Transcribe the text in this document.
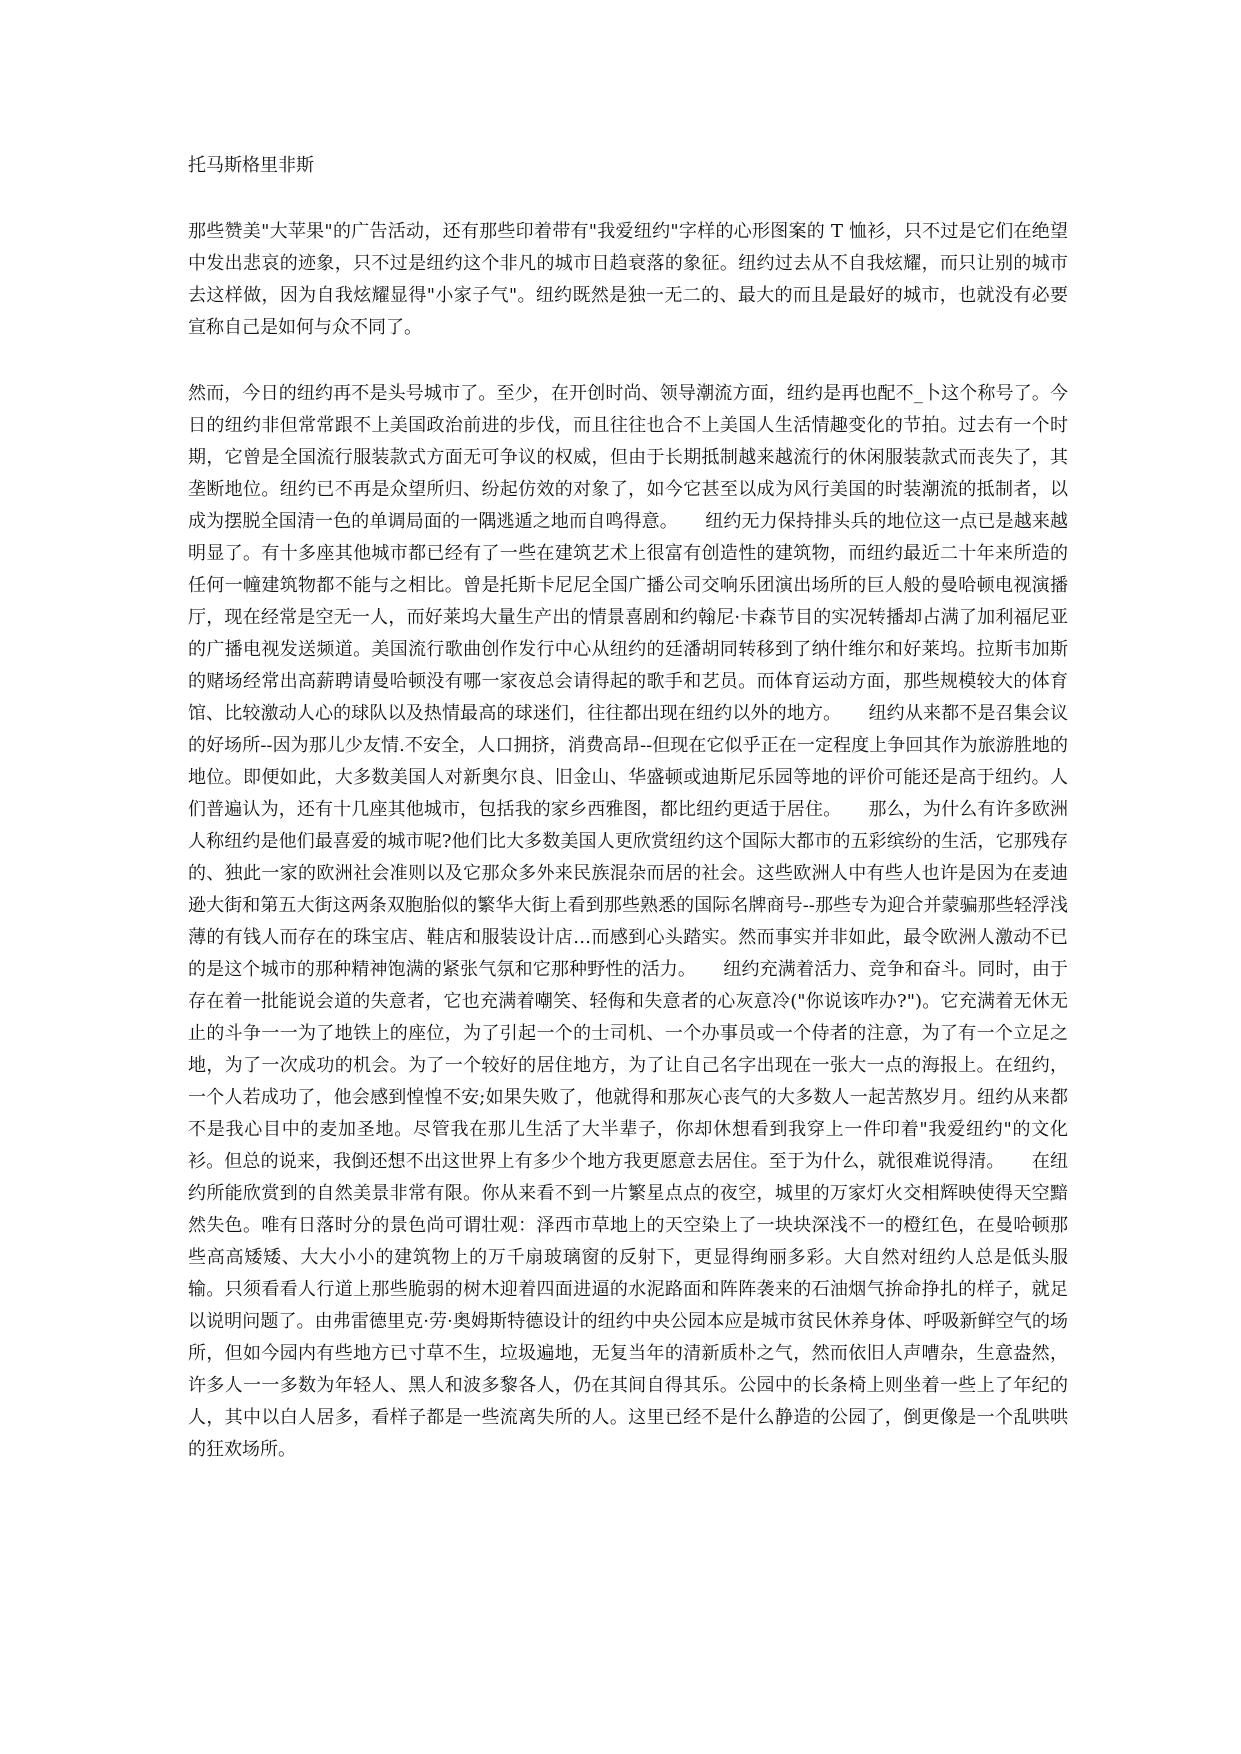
托马斯格里非斯

那些赞美"大苹果"的广告活动，还有那些印着带有"我爱纽约"字样的心形图案的 T 恤衫，只不过是它们在绝望中发出悲哀的迹象，只不过是纽约这个非凡的城市日趋衰落的象征。纽约过去从不自我炫耀，而只让别的城市去这样做，因为自我炫耀显得"小家子气"。纽约既然是独一无二的、最大的而且是最好的城市，也就没有必要宣称自己是如何与众不同了。

然而，今日的纽约再不是头号城市了。至少，在开创时尚、领导潮流方面，纽约是再也配不_卜这个称号了。今日的纽约非但常常跟不上美国政治前进的步伐，而且往往也合不上美国人生活情趣变化的节拍。过去有一个时期，它曾是全国流行服装款式方面无可争议的权威，但由于长期抵制越来越流行的休闲服装款式而丧失了，其垄断地位。纽约已不再是众望所归、纷起仿效的对象了，如今它甚至以成为风行美国的时装潮流的抵制者，以成为摆脱全国清一色的单调局面的一隅逃遁之地而自鸣得意。　　纽约无力保持排头兵的地位这一点已是越来越明显了。有十多座其他城市都已经有了一些在建筑艺术上很富有创造性的建筑物，而纽约最近二十年来所造的任何一幢建筑物都不能与之相比。曾是托斯卡尼尼全国广播公司交响乐团演出场所的巨人般的曼哈顿电视演播厅，现在经常是空无一人，而好莱坞大量生产出的情景喜剧和约翰尼·卡森节目的实况转播却占满了加利福尼亚的广播电视发送频道。美国流行歌曲创作发行中心从纽约的廷潘胡同转移到了纳什维尔和好莱坞。拉斯韦加斯的赌场经常出高薪聘请曼哈顿没有哪一家夜总会请得起的歌手和艺员。而体育运动方面，那些规模较大的体育馆、比较激动人心的球队以及热情最高的球迷们，往往都出现在纽约以外的地方。　　纽约从来都不是召集会议的好场所--因为那儿少友情.不安全，人口拥挤，消费高昂--但现在它似乎正在一定程度上争回其作为旅游胜地的地位。即便如此，大多数美国人对新奥尔良、旧金山、华盛顿或迪斯尼乐园等地的评价可能还是高于纽约。人们普遍认为，还有十几座其他城市，包括我的家乡西雅图，都比纽约更适于居住。　　那么，为什么有许多欧洲人称纽约是他们最喜爱的城市呢?他们比大多数美国人更欣赏纽约这个国际大都市的五彩缤纷的生活，它那残存的、独此一家的欧洲社会准则以及它那众多外来民族混杂而居的社会。这些欧洲人中有些人也许是因为在麦迪逊大街和第五大街这两条双胞胎似的繁华大街上看到那些熟悉的国际名牌商号--那些专为迎合并蒙骗那些轻浮浅薄的有钱人而存在的珠宝店、鞋店和服装设计店…而感到心头踏实。然而事实并非如此，最令欧洲人激动不已的是这个城市的那种精神饱满的紧张气氛和它那种野性的活力。　　纽约充满着活力、竞争和奋斗。同时，由于存在着一批能说会道的失意者，它也充满着嘲笑、轻侮和失意者的心灰意冷("你说该咋办?")。它充满着无休无止的斗争一一为了地铁上的座位，为了引起一个的士司机、一个办事员或一个侍者的注意，为了有一个立足之地，为了一次成功的机会。为了一个较好的居住地方，为了让自己名字出现在一张大一点的海报上。在纽约，一个人若成功了，他会感到惶惶不安;如果失败了，他就得和那灰心丧气的大多数人一起苦熬岁月。纽约从来都不是我心目中的麦加圣地。尽管我在那儿生活了大半辈子，你却休想看到我穿上一件印着"我爱纽约"的文化衫。但总的说来，我倒还想不出这世界上有多少个地方我更愿意去居住。至于为什么，就很难说得清。　　在纽约所能欣赏到的自然美景非常有限。你从来看不到一片繁星点点的夜空，城里的万家灯火交相辉映使得天空黯然失色。唯有日落时分的景色尚可谓壮观：泽西市草地上的天空染上了一块块深浅不一的橙红色，在曼哈顿那些高高矮矮、大大小小的建筑物上的万千扇玻璃窗的反射下，更显得绚丽多彩。大自然对纽约人总是低头服输。只须看看人行道上那些脆弱的树木迎着四面进逼的水泥路面和阵阵袭来的石油烟气拚命挣扎的样子，就足以说明问题了。由弗雷德里克·劳·奥姆斯特德设计的纽约中央公园本应是城市贫民休养身体、呼吸新鲜空气的场所，但如今园内有些地方已寸草不生，垃圾遍地，无复当年的清新质朴之气，然而依旧人声嘈杂，生意盎然，许多人一一多数为年轻人、黑人和波多黎各人，仍在其间自得其乐。公园中的长条椅上则坐着一些上了年纪的人，其中以白人居多，看样子都是一些流离失所的人。这里已经不是什么静造的公园了，倒更像是一个乱哄哄的狂欢场所。
